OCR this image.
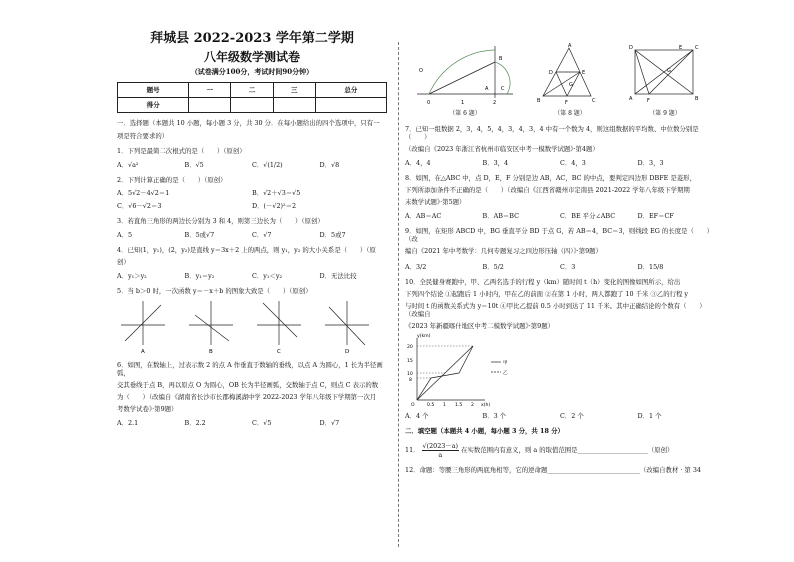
拜城县 2022-2023 学年第二学期
八年级数学测试卷
（试卷满分100分，考试时间90分钟）
题号	一	二	三	总分
得分				
一．选择题（本题共 10 小题，每小题 3 分，共 30 分．在每小题给出的四个选项中，只有一
项是符合要求的）
1．下列是最简二次根式的是（　　）（原创）
A．√a²	B．√5	C．√(1/2)	D．√8
2．下列计算正确的是（　　）（原创）
A．5√2－4√2＝1	B．√2＋√3＝√5
C．√6－√2＝3	D．(－√2)²＝2
3．若直角三角形的两边长分别为 3 和 4，则第三边长为（　　）（原创）
A．5	B．5或√7	C．√7	D．5或7
4．已知(1，y₁)，(2，y₂)是直线 y＝3x＋2 上的两点，则 y₁，y₂ 的大小关系是（　　）（原
创）
A．y₁＞y₂	B．y₁＝y₂	C．y₁＜y₂	D．无法比较
5．当 b＞0 时，一次函数 y＝－x＋b 的图象大致是（　　）（原创）
A	B	C	D
6．如图，在数轴上，过表示数 2 的点 A 作垂直于数轴的垂线，以点 A 为圆心，1 长为半径画弧，
交其垂线于点 B，再以原点 O 为圆心，OB 长为半径画弧，交数轴于点 C，则点 C 表示的数
为（　　）（改编自《湖南省长沙市长郡梅溪湖中学 2022-2023 学年八年级下学期第一次月
考数学试卷》·第9题）
A．2.1	B．2.2	C．√5	D．√7
O
0	1	2
A
B
C
（第 6 题）
A
B	C
D	E
F
G
（第 8 题）
D	E	C
A	F	B
G
（第 9 题）
7．已知一组数据 2，3，4，5，4，3，4，3，4 中有一个数为 4，则这组数据的平均数、中位数分别是（　　）
（改编自《2023 年浙江省杭州市临安区中考一模数学试题》·第4题）
A．4，4	B．3，4	C．4，3	D．3，3
8．如图，在△ABC 中，点 D，E，F 分别是边 AB，AC，BC 的中点，要判定四边形 DBFE 是菱形，
下列所添加条件不正确的是（　　）（改编自《江西省赣州市定南县 2021-2022 学年八年级下学期期
末数学试题》·第5题）
A．AB＝AC	B．AB＝BC	C．BE 平分∠ABC	D．EF＝CF
9．如图，在矩形 ABCD 中，BG 垂直平分 BD 于点 G，若 AB＝4，BC＝3，则线段 EG 的长度是（　　）（改
编自《2021 年中考数学：几何专题复习之四边形压轴（四）》·第9题）
A．3/2	B．5/2	C．3	D．15/8
10．全民健身赛跑中，甲、乙两名选手的行程 y（km）随时间 t（h）变化的图像如图所示，给出
下列四个结论 ①起跑后 1 小时内，甲在乙的前面 ②在第 1 小时，两人都跑了 10 千米 ③乙的行程 y
与时间 t 的函数关系式为 y＝10t ④甲比乙提前 0.5 小时到达了 11 千米。其中正确结论的个数有（　　）（改编自
《2023 年新疆喀什地区中考二模数学试题》·第9题）
y(km)
x(h)
20
15
10
8
O	0.5 1 1.5 2
甲
乙
A．4 个	B．3 个	C．2 个	D．1 个
二．填空题（本题共 4 小题，每小题 3 分，共 18 分）
11． $\frac{√(2023-a)}{a}$ 在实数范围内有意义，则 a 的取值范围是______________________（原创）
12．命题：等腰三角形的两底角相等，它的逆命题_____________________________（改编自教材 · 第 34
